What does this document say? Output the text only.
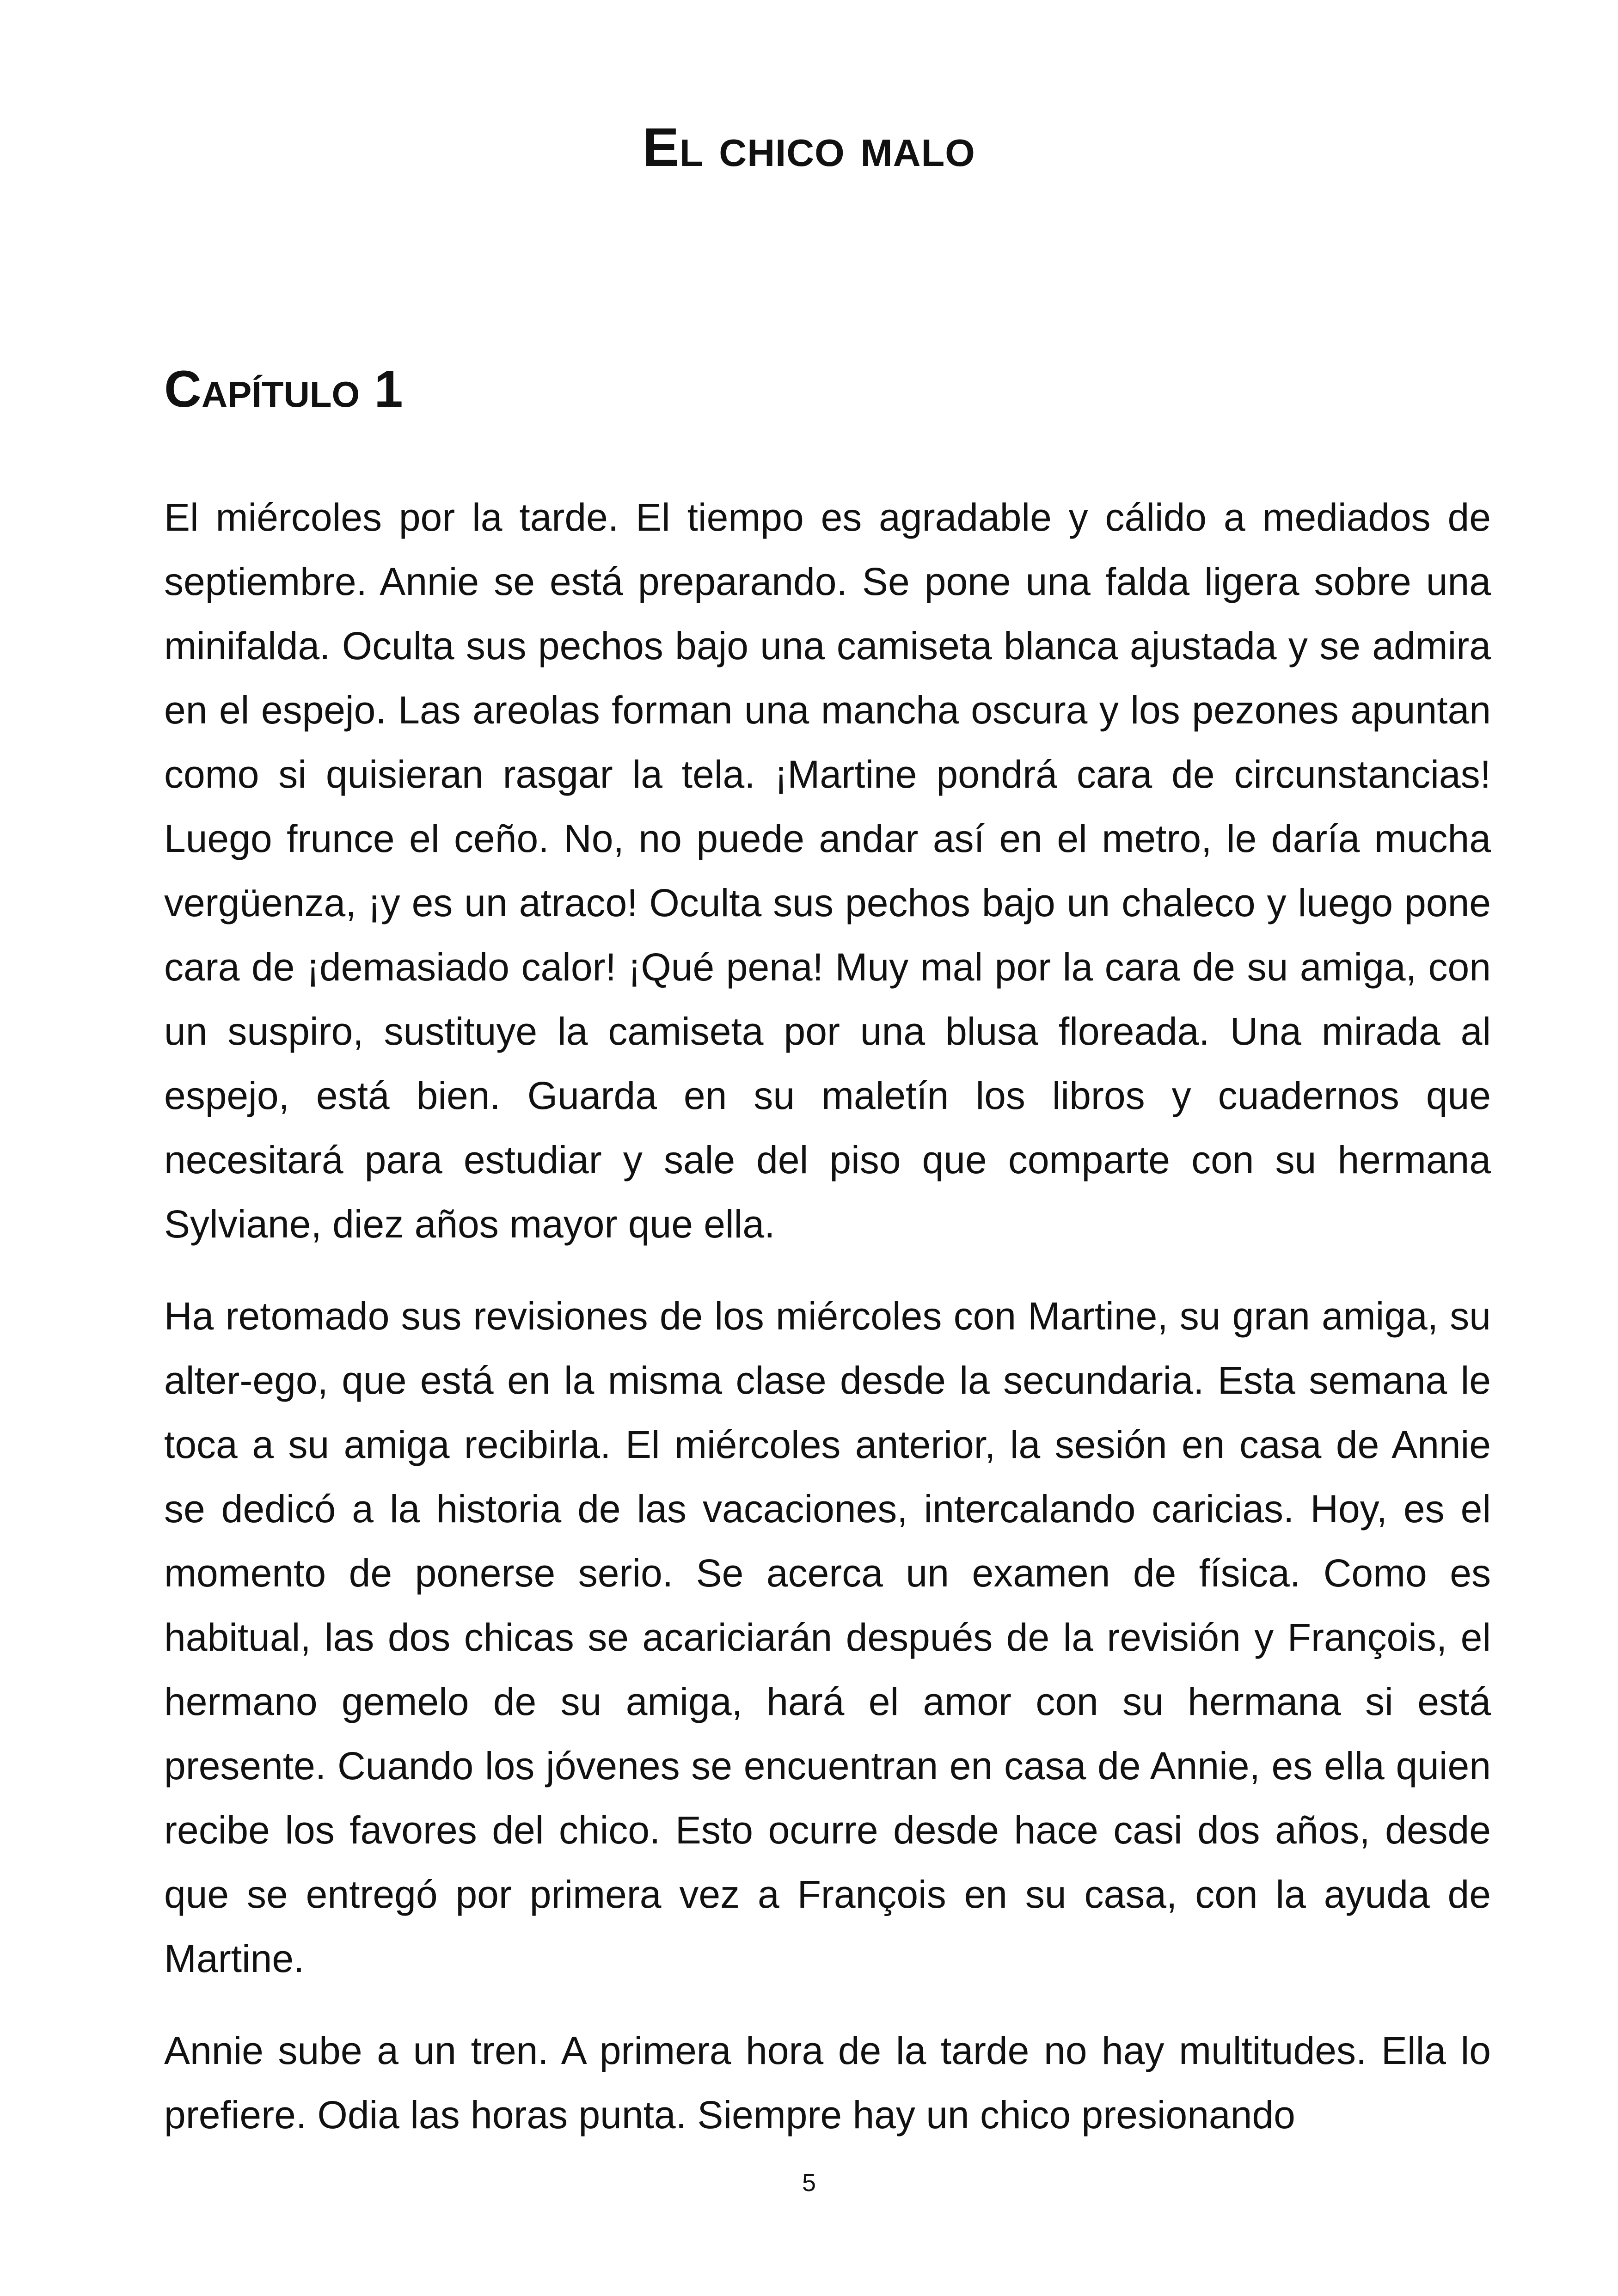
El chico malo
Capítulo 1

El miércoles por la tarde. El tiempo es agradable y cálido a mediados de septiembre. Annie se está preparando. Se pone una falda ligera sobre una minifalda. Oculta sus pechos bajo una camiseta blanca ajustada y se admira en el espejo. Las areolas forman una mancha oscura y los pezones apuntan como si quisieran rasgar la tela. ¡Martine pondrá cara de circunstancias! Luego frunce el ceño. No, no puede andar así en el metro, le daría mucha vergüenza, ¡y es un atraco! Oculta sus pechos bajo un chaleco y luego pone cara de ¡demasiado calor! ¡Qué pena! Muy mal por la cara de su amiga, con un suspiro, sustituye la camiseta por una blusa floreada. Una mirada al espejo, está bien. Guarda en su maletín los libros y cuadernos que necesitará para estudiar y sale del piso que comparte con su hermana Sylviane, diez años mayor que ella.

Ha retomado sus revisiones de los miércoles con Martine, su gran amiga, su alter-ego, que está en la misma clase desde la secundaria. Esta semana le toca a su amiga recibirla. El miércoles anterior, la sesión en casa de Annie se dedicó a la historia de las vacaciones, intercalando caricias. Hoy, es el momento de ponerse serio. Se acerca un examen de física. Como es habitual, las dos chicas se acariciarán después de la revisión y François, el hermano gemelo de su amiga, hará el amor con su hermana si está presente. Cuando los jóvenes se encuentran en casa de Annie, es ella quien recibe los favores del chico. Esto ocurre desde hace casi dos años, desde que se entregó por primera vez a François en su casa, con la ayuda de Martine.

Annie sube a un tren. A primera hora de la tarde no hay multitudes. Ella lo prefiere. Odia las horas punta. Siempre hay un chico presionando

5
